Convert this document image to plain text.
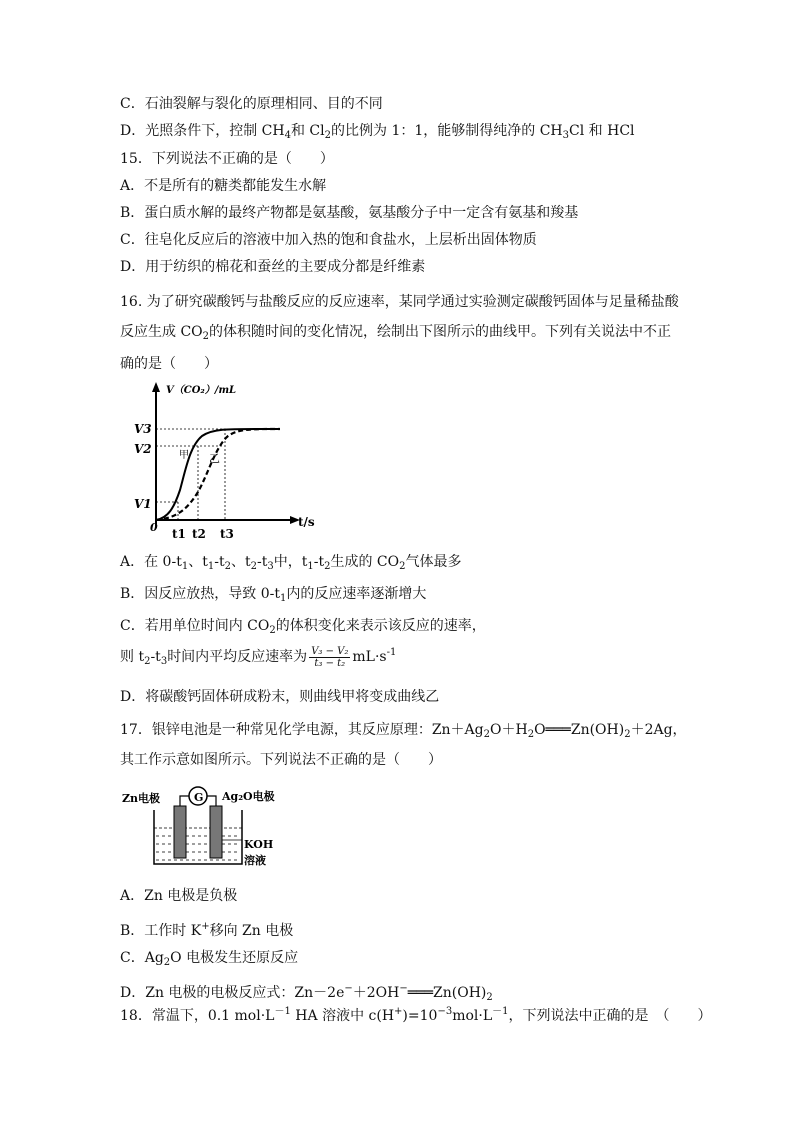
C．石油裂解与裂化的原理相同、目的不同
D．光照条件下，控制 $CH_4$和 $Cl_2$的比例为 1：1，能够制得纯净的 $CH_3Cl$ 和 HCl
15．下列说法不正确的是（　　）
A．不是所有的糖类都能发生水解
B．蛋白质水解的最终产物都是氨基酸，氨基酸分子中一定含有氨基和羧基
C．往皂化反应后的溶液中加入热的饱和食盐水，上层析出固体物质
D．用于纺织的棉花和蚕丝的主要成分都是纤维素
16. 为了研究碳酸钙与盐酸反应的反应速率，某同学通过实验测定碳酸钙固体与足量稀盐酸
反应生成 $CO_2$的体积随时间的变化情况，绘制出下图所示的曲线甲。下列有关说法中不正
确的是（　　）
V（CO₂）/mL
t/s
V3
V2
V1
0 t1 t2 t3
甲 乙
A．在 $0-t_1$、$t_1-t_2$、$t_2-t_3$中，$t_1-t_2$生成的 $CO_2$气体最多
B．因反应放热，导致 $0-t_1$内的反应速率逐渐增大
C．若用单位时间内 $CO_2$的体积变化来表示该反应的速率，
则 $t_2-t_3$时间内平均反应速率为 $\frac{\text{V₃ − V₂}}{\text{t₃ − t₂}} mL\cdot s^{-1}$
D．将碳酸钙固体研成粉末，则曲线甲将变成曲线乙
17．银锌电池是一种常见化学电源，其反应原理：$Zn+Ag_2O+H_2O═══Zn(OH)_2+2Ag$，
其工作示意如图所示。下列说法不正确的是（　　）
Zn电极	Ag₂O电极
G
KOH
溶液
A．Zn 电极是负极
B．工作时 K+移向 Zn 电极
C．$Ag_2O$ 电极发生还原反应
D．Zn 电极的电极反应式：$Zn-2e^-+2OH^-═══Zn(OH)_2$
18．常温下，0.1 $mol\cdot L^{-1}$ HA 溶液中 $c(H^+)=10^{-3}mol\cdot L^{-1}$，下列说法中正确的是　（　　）
